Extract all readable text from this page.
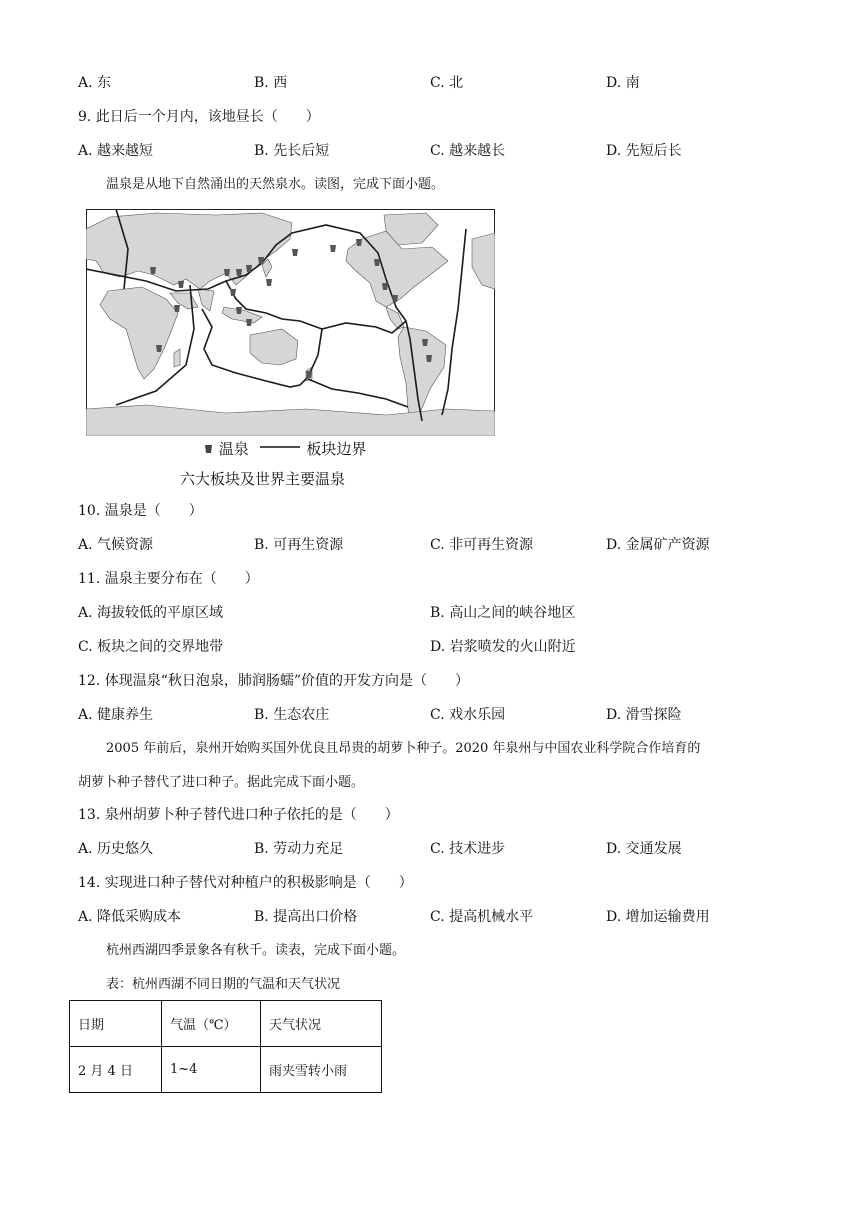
A. 东	B. 西	C. 北	D. 南
9. 此日后一个月内，该地昼长（　　）
A. 越来越短	B. 先长后短	C. 越来越长	D. 先短后长
温泉是从地下自然涌出的天然泉水。读图，完成下面小题。
温泉	板块边界
六大板块及世界主要温泉
10. 温泉是（　　）
A. 气候资源	B. 可再生资源	C. 非可再生资源	D. 金属矿产资源
11. 温泉主要分布在（　　）
A. 海拔较低的平原区域	B. 高山之间的峡谷地区
C. 板块之间的交界地带	D. 岩浆喷发的火山附近
12. 体现温泉“秋日泡泉，肺润肠蠕”价值的开发方向是（　　）
A. 健康养生	B. 生态农庄	C. 戏水乐园	D. 滑雪探险
2005 年前后，泉州开始购买国外优良且昂贵的胡萝卜种子。2020 年泉州与中国农业科学院合作培育的
胡萝卜种子替代了进口种子。据此完成下面小题。
13. 泉州胡萝卜种子替代进口种子依托的是（　　）
A. 历史悠久	B. 劳动力充足	C. 技术进步	D. 交通发展
14. 实现进口种子替代对种植户的积极影响是（　　）
A. 降低采购成本	B. 提高出口价格	C. 提高机械水平	D. 增加运输费用
杭州西湖四季景象各有秋千。读表，完成下面小题。
表：杭州西湖不同日期的气温和天气状况
日期	气温（℃）	天气状况
2 月 4 日	1~4	雨夹雪转小雨
